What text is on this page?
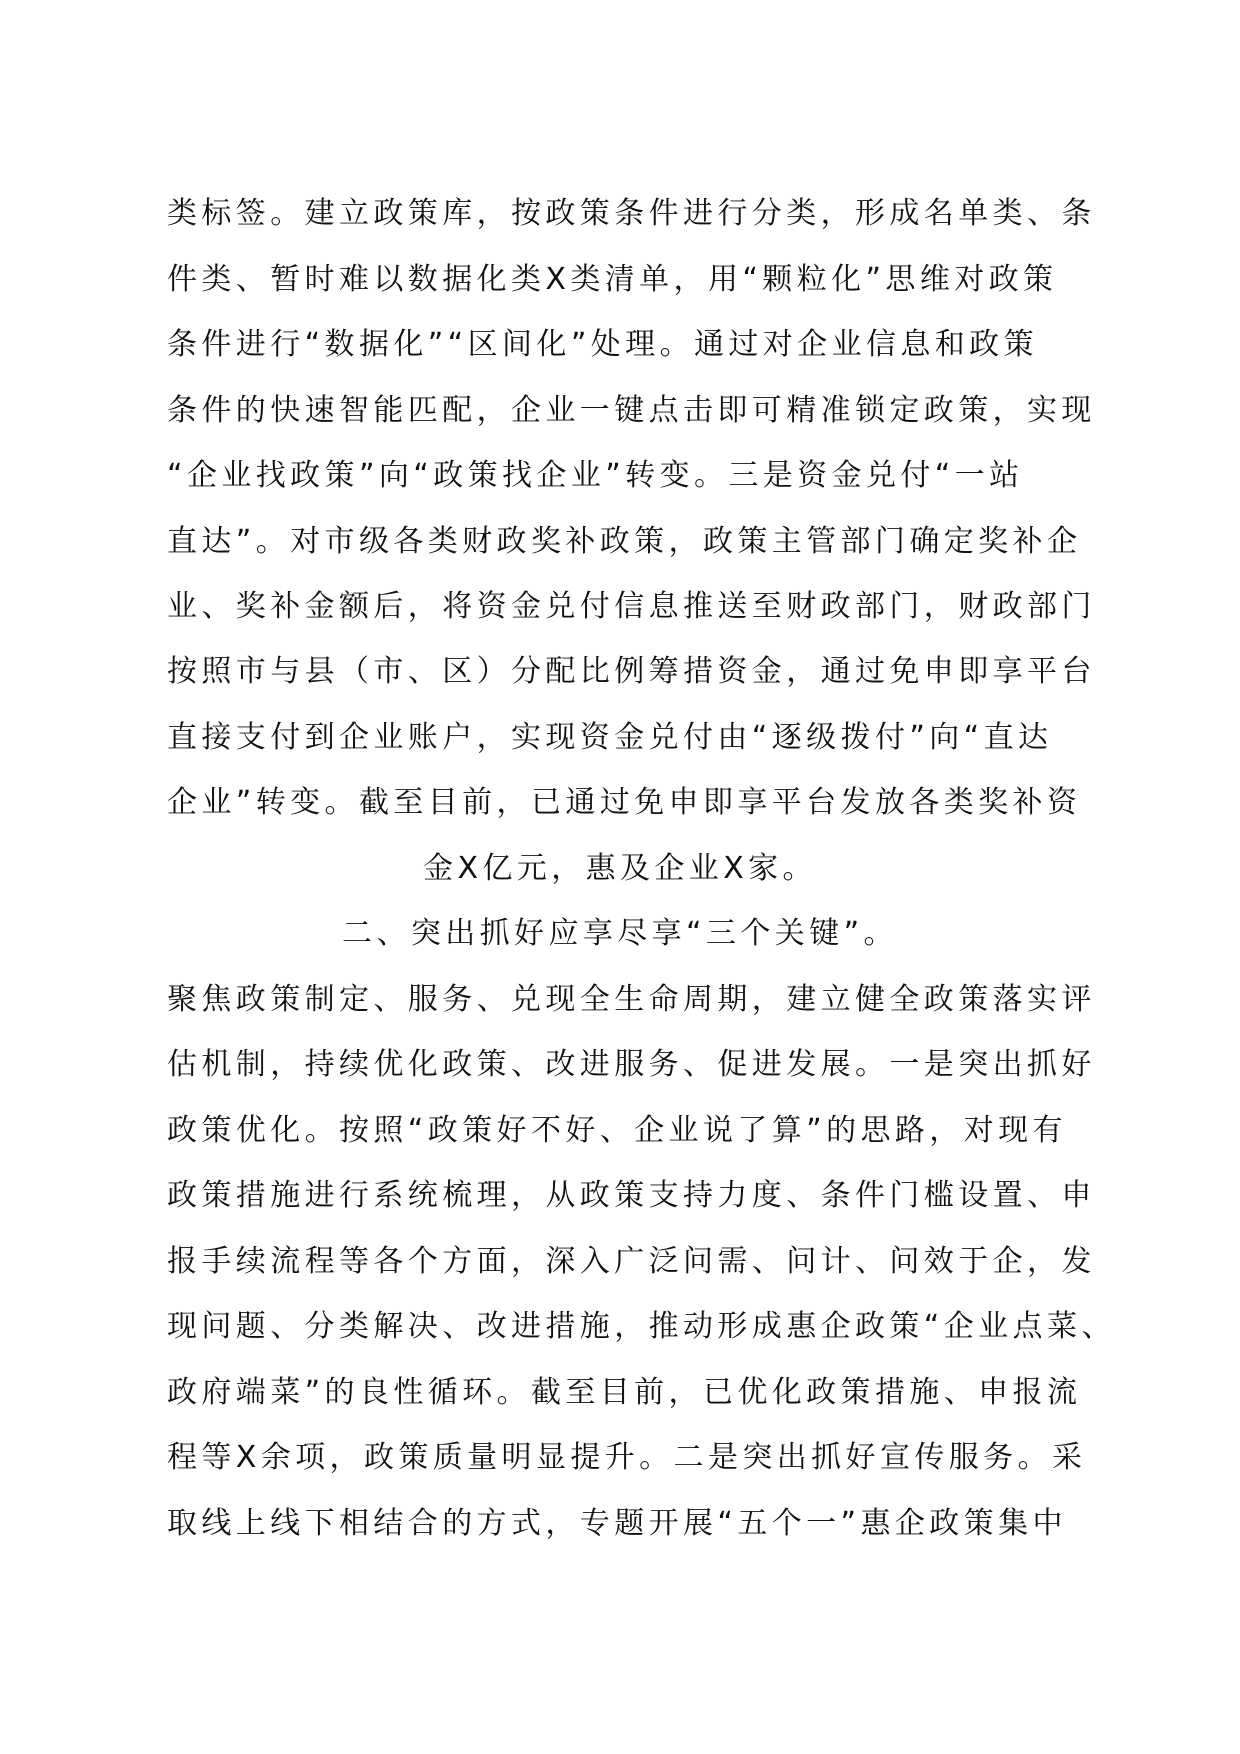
类标签。建立政策库，按政策条件进行分类，形成名单类、条
件类、暂时难以数据化类X类清单，用“颗粒化”思维对政策
条件进行“数据化”“区间化”处理。通过对企业信息和政策
条件的快速智能匹配，企业一键点击即可精准锁定政策，实现
“企业找政策”向“政策找企业”转变。三是资金兑付“一站
直达”。对市级各类财政奖补政策，政策主管部门确定奖补企
业、奖补金额后，将资金兑付信息推送至财政部门，财政部门
按照市与县（市、区）分配比例筹措资金，通过免申即享平台
直接支付到企业账户，实现资金兑付由“逐级拨付”向“直达
企业”转变。截至目前，已通过免申即享平台发放各类奖补资
金X亿元，惠及企业X家。
二、突出抓好应享尽享“三个关键”。
聚焦政策制定、服务、兑现全生命周期，建立健全政策落实评
估机制，持续优化政策、改进服务、促进发展。一是突出抓好
政策优化。按照“政策好不好、企业说了算”的思路，对现有
政策措施进行系统梳理，从政策支持力度、条件门槛设置、申
报手续流程等各个方面，深入广泛问需、问计、问效于企，发
现问题、分类解决、改进措施，推动形成惠企政策“企业点菜、
政府端菜”的良性循环。截至目前，已优化政策措施、申报流
程等X余项，政策质量明显提升。二是突出抓好宣传服务。采
取线上线下相结合的方式，专题开展“五个一”惠企政策集中
